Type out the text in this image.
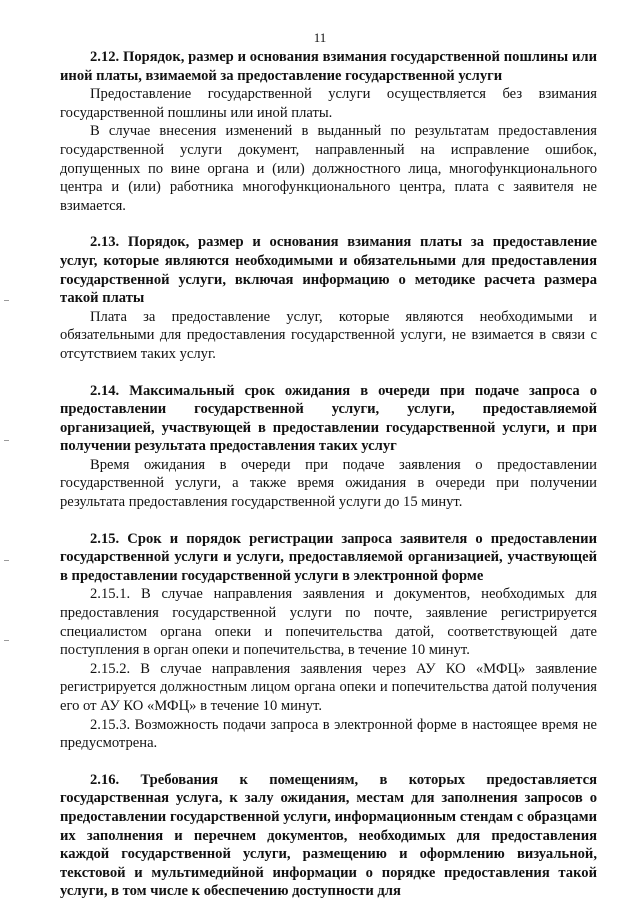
11
2.12. Порядок, размер и основания взимания государственной пошлины или иной платы, взимаемой за предоставление государственной услуги

Предоставление государственной услуги осуществляется без взимания государственной пошлины или иной платы.

В случае внесения изменений в выданный по результатам предоставления государственной услуги документ, направленный на исправление ошибок, допущенных по вине органа и (или) должностного лица, многофункционального центра и (или) работника многофункционального центра, плата с заявителя не взимается.

2.13. Порядок, размер и основания взимания платы за предоставление услуг, которые являются необходимыми и обязательными для предоставления государственной услуги, включая информацию о методике расчета размера такой платы

Плата за предоставление услуг, которые являются необходимыми и обязательными для предоставления государственной услуги, не взимается в связи с отсутствием таких услуг.

2.14. Максимальный срок ожидания в очереди при подаче запроса о предоставлении государственной услуги, услуги, предоставляемой организацией, участвующей в предоставлении государственной услуги, и при получении результата предоставления таких услуг

Время ожидания в очереди при подаче заявления о предоставлении государственной услуги, а также время ожидания в очереди при получении результата предоставления государственной услуги до 15 минут.

2.15. Срок и порядок регистрации запроса заявителя о предоставлении государственной услуги и услуги, предоставляемой организацией, участвующей в предоставлении государственной услуги в электронной форме

2.15.1. В случае направления заявления и документов, необходимых для предоставления государственной услуги по почте, заявление регистрируется специалистом органа опеки и попечительства датой, соответствующей дате поступления в орган опеки и попечительства, в течение 10 минут.

2.15.2. В случае направления заявления через АУ КО «МФЦ» заявление регистрируется должностным лицом органа опеки и попечительства датой получения его от АУ КО «МФЦ» в течение 10 минут.

2.15.3. Возможность подачи запроса в электронной форме в настоящее время не предусмотрена.

2.16. Требования к помещениям, в которых предоставляется государственная услуга, к залу ожидания, местам для заполнения запросов о предоставлении государственной услуги, информационным стендам с образцами их заполнения и перечнем документов, необходимых для предоставления каждой государственной услуги, размещению и оформлению визуальной, текстовой и мультимедийной информации о порядке предоставления такой услуги, в том числе к обеспечению доступности для
